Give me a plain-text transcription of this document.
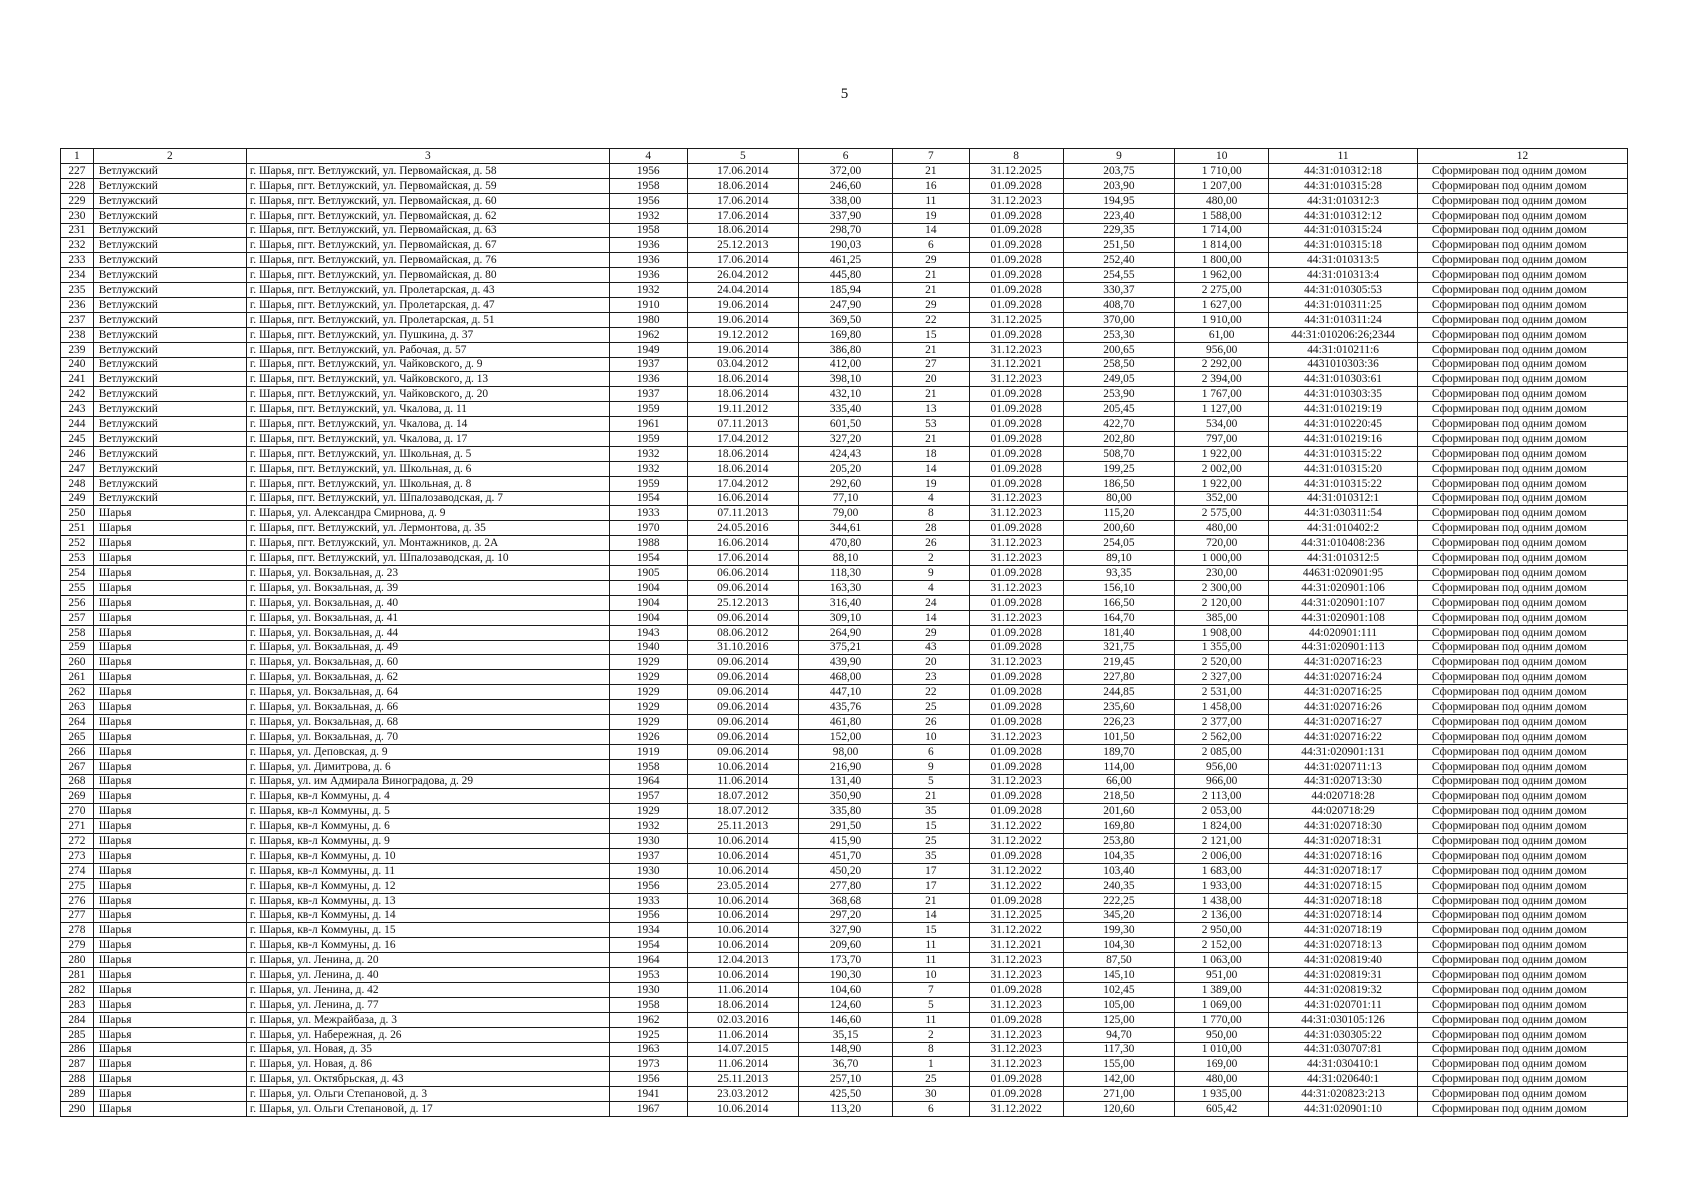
5
1	2	3	4	5	6	7	8	9	10	11	12
227	Ветлужский	г. Шарья, пгт. Ветлужский, ул. Первомайская, д. 58	1956	17.06.2014	372,00	21	31.12.2025	203,75	1 710,00	44:31:010312:18	Сформирован под одним домом
228	Ветлужский	г. Шарья, пгт. Ветлужский, ул. Первомайская, д. 59	1958	18.06.2014	246,60	16	01.09.2028	203,90	1 207,00	44:31:010315:28	Сформирован под одним домом
229	Ветлужский	г. Шарья, пгт. Ветлужский, ул. Первомайская, д. 60	1956	17.06.2014	338,00	11	31.12.2023	194,95	480,00	44:31:010312:3	Сформирован под одним домом
230	Ветлужский	г. Шарья, пгт. Ветлужский, ул. Первомайская, д. 62	1932	17.06.2014	337,90	19	01.09.2028	223,40	1 588,00	44:31:010312:12	Сформирован под одним домом
231	Ветлужский	г. Шарья, пгт. Ветлужский, ул. Первомайская, д. 63	1958	18.06.2014	298,70	14	01.09.2028	229,35	1 714,00	44:31:010315:24	Сформирован под одним домом
232	Ветлужский	г. Шарья, пгт. Ветлужский, ул. Первомайская, д. 67	1936	25.12.2013	190,03	6	01.09.2028	251,50	1 814,00	44:31:010315:18	Сформирован под одним домом
233	Ветлужский	г. Шарья, пгт. Ветлужский, ул. Первомайская, д. 76	1936	17.06.2014	461,25	29	01.09.2028	252,40	1 800,00	44:31:010313:5	Сформирован под одним домом
234	Ветлужский	г. Шарья, пгт. Ветлужский, ул. Первомайская, д. 80	1936	26.04.2012	445,80	21	01.09.2028	254,55	1 962,00	44:31:010313:4	Сформирован под одним домом
235	Ветлужский	г. Шарья, пгт. Ветлужский, ул. Пролетарская, д. 43	1932	24.04.2014	185,94	21	01.09.2028	330,37	2 275,00	44:31:010305:53	Сформирован под одним домом
236	Ветлужский	г. Шарья, пгт. Ветлужский, ул. Пролетарская, д. 47	1910	19.06.2014	247,90	29	01.09.2028	408,70	1 627,00	44:31:010311:25	Сформирован под одним домом
237	Ветлужский	г. Шарья, пгт. Ветлужский, ул. Пролетарская, д. 51	1980	19.06.2014	369,50	22	31.12.2025	370,00	1 910,00	44:31:010311:24	Сформирован под одним домом
238	Ветлужский	г. Шарья, пгт. Ветлужский, ул. Пушкина, д. 37	1962	19.12.2012	169,80	15	01.09.2028	253,30	61,00	44:31:010206:26;2344	Сформирован под одним домом
239	Ветлужский	г. Шарья, пгт. Ветлужский, ул. Рабочая, д. 57	1949	19.06.2014	386,80	21	31.12.2023	200,65	956,00	44:31:010211:6	Сформирован под одним домом
240	Ветлужский	г. Шарья, пгт. Ветлужский, ул. Чайковского, д. 9	1937	03.04.2012	412,00	27	31.12.2021	258,50	2 292,00	4431010303:36	Сформирован под одним домом
241	Ветлужский	г. Шарья, пгт. Ветлужский, ул. Чайковского, д. 13	1936	18.06.2014	398,10	20	31.12.2023	249,05	2 394,00	44:31:010303:61	Сформирован под одним домом
242	Ветлужский	г. Шарья, пгт. Ветлужский, ул. Чайковского, д. 20	1937	18.06.2014	432,10	21	01.09.2028	253,90	1 767,00	44:31:010303:35	Сформирован под одним домом
243	Ветлужский	г. Шарья, пгт. Ветлужский, ул. Чкалова, д. 11	1959	19.11.2012	335,40	13	01.09.2028	205,45	1 127,00	44:31:010219:19	Сформирован под одним домом
244	Ветлужский	г. Шарья, пгт. Ветлужский, ул. Чкалова, д. 14	1961	07.11.2013	601,50	53	01.09.2028	422,70	534,00	44:31:010220:45	Сформирован под одним домом
245	Ветлужский	г. Шарья, пгт. Ветлужский, ул. Чкалова, д. 17	1959	17.04.2012	327,20	21	01.09.2028	202,80	797,00	44:31:010219:16	Сформирован под одним домом
246	Ветлужский	г. Шарья, пгт. Ветлужский, ул. Школьная, д. 5	1932	18.06.2014	424,43	18	01.09.2028	508,70	1 922,00	44:31:010315:22	Сформирован под одним домом
247	Ветлужский	г. Шарья, пгт. Ветлужский, ул. Школьная, д. 6	1932	18.06.2014	205,20	14	01.09.2028	199,25	2 002,00	44:31:010315:20	Сформирован под одним домом
248	Ветлужский	г. Шарья, пгт. Ветлужский, ул. Школьная, д. 8	1959	17.04.2012	292,60	19	01.09.2028	186,50	1 922,00	44:31:010315:22	Сформирован под одним домом
249	Ветлужский	г. Шарья, пгт. Ветлужский, ул. Шпалозаводская, д. 7	1954	16.06.2014	77,10	4	31.12.2023	80,00	352,00	44:31:010312:1	Сформирован под одним домом
250	Шарья	г. Шарья, ул. Александра Смирнова, д. 9	1933	07.11.2013	79,00	8	31.12.2023	115,20	2 575,00	44:31:030311:54	Сформирован под одним домом
251	Шарья	г. Шарья, пгт. Ветлужский, ул. Лермонтова, д. 35	1970	24.05.2016	344,61	28	01.09.2028	200,60	480,00	44:31:010402:2	Сформирован под одним домом
252	Шарья	г. Шарья, пгт. Ветлужский, ул. Монтажников, д. 2А	1988	16.06.2014	470,80	26	31.12.2023	254,05	720,00	44:31:010408:236	Сформирован под одним домом
253	Шарья	г. Шарья, пгт. Ветлужский, ул. Шпалозаводская, д. 10	1954	17.06.2014	88,10	2	31.12.2023	89,10	1 000,00	44:31:010312:5	Сформирован под одним домом
254	Шарья	г. Шарья, ул. Вокзальная, д. 23	1905	06.06.2014	118,30	9	01.09.2028	93,35	230,00	44631:020901:95	Сформирован под одним домом
255	Шарья	г. Шарья, ул. Вокзальная, д. 39	1904	09.06.2014	163,30	4	31.12.2023	156,10	2 300,00	44:31:020901:106	Сформирован под одним домом
256	Шарья	г. Шарья, ул. Вокзальная, д. 40	1904	25.12.2013	316,40	24	01.09.2028	166,50	2 120,00	44:31:020901:107	Сформирован под одним домом
257	Шарья	г. Шарья, ул. Вокзальная, д. 41	1904	09.06.2014	309,10	14	31.12.2023	164,70	385,00	44:31:020901:108	Сформирован под одним домом
258	Шарья	г. Шарья, ул. Вокзальная, д. 44	1943	08.06.2012	264,90	29	01.09.2028	181,40	1 908,00	44:020901:111	Сформирован под одним домом
259	Шарья	г. Шарья, ул. Вокзальная, д. 49	1940	31.10.2016	375,21	43	01.09.2028	321,75	1 355,00	44:31:020901:113	Сформирован под одним домом
260	Шарья	г. Шарья, ул. Вокзальная, д. 60	1929	09.06.2014	439,90	20	31.12.2023	219,45	2 520,00	44:31:020716:23	Сформирован под одним домом
261	Шарья	г. Шарья, ул. Вокзальная, д. 62	1929	09.06.2014	468,00	23	01.09.2028	227,80	2 327,00	44:31:020716:24	Сформирован под одним домом
262	Шарья	г. Шарья, ул. Вокзальная, д. 64	1929	09.06.2014	447,10	22	01.09.2028	244,85	2 531,00	44:31:020716:25	Сформирован под одним домом
263	Шарья	г. Шарья, ул. Вокзальная, д. 66	1929	09.06.2014	435,76	25	01.09.2028	235,60	1 458,00	44:31:020716:26	Сформирован под одним домом
264	Шарья	г. Шарья, ул. Вокзальная, д. 68	1929	09.06.2014	461,80	26	01.09.2028	226,23	2 377,00	44:31:020716:27	Сформирован под одним домом
265	Шарья	г. Шарья, ул. Вокзальная, д. 70	1926	09.06.2014	152,00	10	31.12.2023	101,50	2 562,00	44:31:020716:22	Сформирован под одним домом
266	Шарья	г. Шарья, ул. Деповская, д. 9	1919	09.06.2014	98,00	6	01.09.2028	189,70	2 085,00	44:31:020901:131	Сформирован под одним домом
267	Шарья	г. Шарья, ул. Димитрова, д. 6	1958	10.06.2014	216,90	9	01.09.2028	114,00	956,00	44:31:020711:13	Сформирован под одним домом
268	Шарья	г. Шарья, ул. им Адмирала Виноградова, д. 29	1964	11.06.2014	131,40	5	31.12.2023	66,00	966,00	44:31:020713:30	Сформирован под одним домом
269	Шарья	г. Шарья, кв-л Коммуны, д. 4	1957	18.07.2012	350,90	21	01.09.2028	218,50	2 113,00	44:020718:28	Сформирован под одним домом
270	Шарья	г. Шарья, кв-л Коммуны, д. 5	1929	18.07.2012	335,80	35	01.09.2028	201,60	2 053,00	44:020718:29	Сформирован под одним домом
271	Шарья	г. Шарья, кв-л Коммуны, д. 6	1932	25.11.2013	291,50	15	31.12.2022	169,80	1 824,00	44:31:020718:30	Сформирован под одним домом
272	Шарья	г. Шарья, кв-л Коммуны, д. 9	1930	10.06.2014	415,90	25	31.12.2022	253,80	2 121,00	44:31:020718:31	Сформирован под одним домом
273	Шарья	г. Шарья, кв-л Коммуны, д. 10	1937	10.06.2014	451,70	35	01.09.2028	104,35	2 006,00	44:31:020718:16	Сформирован под одним домом
274	Шарья	г. Шарья, кв-л Коммуны, д. 11	1930	10.06.2014	450,20	17	31.12.2022	103,40	1 683,00	44:31:020718:17	Сформирован под одним домом
275	Шарья	г. Шарья, кв-л Коммуны, д. 12	1956	23.05.2014	277,80	17	31.12.2022	240,35	1 933,00	44:31:020718:15	Сформирован под одним домом
276	Шарья	г. Шарья, кв-л Коммуны, д. 13	1933	10.06.2014	368,68	21	01.09.2028	222,25	1 438,00	44:31:020718:18	Сформирован под одним домом
277	Шарья	г. Шарья, кв-л Коммуны, д. 14	1956	10.06.2014	297,20	14	31.12.2025	345,20	2 136,00	44:31:020718:14	Сформирован под одним домом
278	Шарья	г. Шарья, кв-л Коммуны, д. 15	1934	10.06.2014	327,90	15	31.12.2022	199,30	2 950,00	44:31:020718:19	Сформирован под одним домом
279	Шарья	г. Шарья, кв-л Коммуны, д. 16	1954	10.06.2014	209,60	11	31.12.2021	104,30	2 152,00	44:31:020718:13	Сформирован под одним домом
280	Шарья	г. Шарья, ул. Ленина, д. 20	1964	12.04.2013	173,70	11	31.12.2023	87,50	1 063,00	44:31:020819:40	Сформирован под одним домом
281	Шарья	г. Шарья, ул. Ленина, д. 40	1953	10.06.2014	190,30	10	31.12.2023	145,10	951,00	44:31:020819:31	Сформирован под одним домом
282	Шарья	г. Шарья, ул. Ленина, д. 42	1930	11.06.2014	104,60	7	01.09.2028	102,45	1 389,00	44:31:020819:32	Сформирован под одним домом
283	Шарья	г. Шарья, ул. Ленина, д. 77	1958	18.06.2014	124,60	5	31.12.2023	105,00	1 069,00	44:31:020701:11	Сформирован под одним домом
284	Шарья	г. Шарья, ул. Межрайбаза, д. 3	1962	02.03.2016	146,60	11	01.09.2028	125,00	1 770,00	44:31:030105:126	Сформирован под одним домом
285	Шарья	г. Шарья, ул. Набережная, д. 26	1925	11.06.2014	35,15	2	31.12.2023	94,70	950,00	44:31:030305:22	Сформирован под одним домом
286	Шарья	г. Шарья, ул. Новая, д. 35	1963	14.07.2015	148,90	8	31.12.2023	117,30	1 010,00	44:31:030707:81	Сформирован под одним домом
287	Шарья	г. Шарья, ул. Новая, д. 86	1973	11.06.2014	36,70	1	31.12.2023	155,00	169,00	44:31:030410:1	Сформирован под одним домом
288	Шарья	г. Шарья, ул. Октябрьская, д. 43	1956	25.11.2013	257,10	25	01.09.2028	142,00	480,00	44:31:020640:1	Сформирован под одним домом
289	Шарья	г. Шарья, ул. Ольги Степановой, д. 3	1941	23.03.2012	425,50	30	01.09.2028	271,00	1 935,00	44:31:020823:213	Сформирован под одним домом
290	Шарья	г. Шарья, ул. Ольги Степановой, д. 17	1967	10.06.2014	113,20	6	31.12.2022	120,60	605,42	44:31:020901:10	Сформирован под одним домом
